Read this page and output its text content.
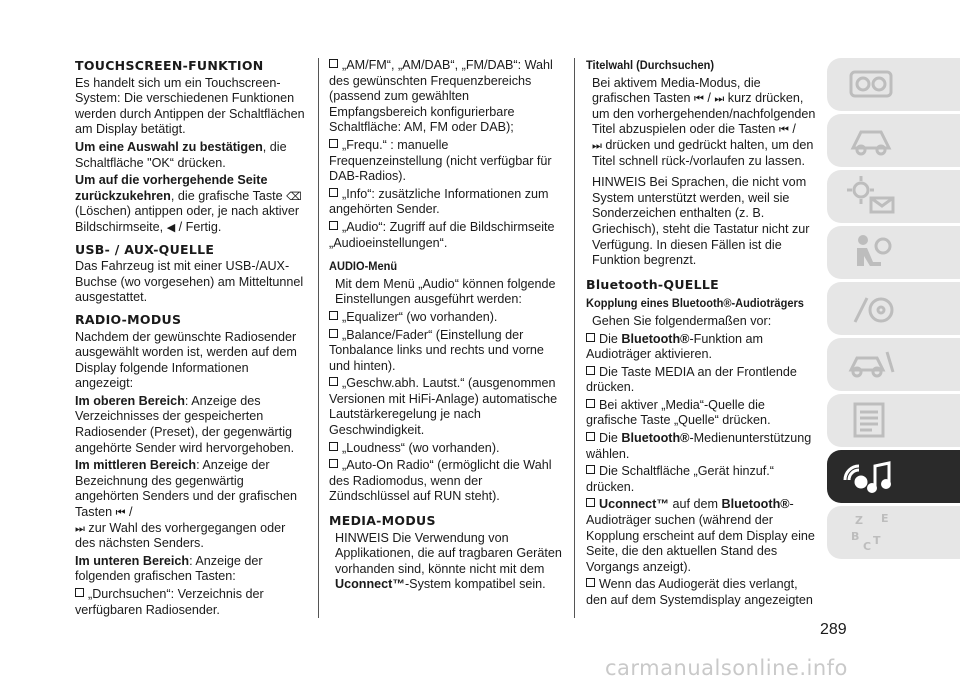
TOUCHSCREEN-FUNKTION

Es handelt sich um ein Touchscreen-System: Die verschiedenen Funktionen werden durch Antippen der Schaltflächen am Display betätigt.

Um eine Auswahl zu bestätigen, die Schaltfläche "OK“ drücken.

Um auf die vorhergehende Seite zurückzukehren, die grafische Taste ⌫
(Löschen) antippen oder, je nach aktiver Bildschirmseite, ◀ / Fertig.

USB- / AUX-QUELLE

Das Fahrzeug ist mit einer USB-/AUX-Buchse (wo vorgesehen) am Mitteltunnel ausgestattet.

RADIO-MODUS

Nachdem der gewünschte Radiosender ausgewählt worden ist, werden auf dem Display folgende Informationen angezeigt:

Im oberen Bereich: Anzeige des Verzeichnisses der gespeicherten Radiosender (Preset), der gegenwärtig angehörte Sender wird hervorgehoben.

Im mittleren Bereich: Anzeige der Bezeichnung des gegenwärtig angehörten Senders und der grafischen Tasten ⏮ /
⏭ zur Wahl des vorhergegangen oder des nächsten Senders.

Im unteren Bereich: Anzeige der folgenden grafischen Tasten:

„Durchsuchen“: Verzeichnis der verfügbaren Radiosender.

„AM/FM“, „AM/DAB“, „FM/DAB“: Wahl des gewünschten Frequenzbereichs (passend zum gewählten Empfangsbereich konfigurierbare Schaltfläche: AM, FM oder DAB);

„Frequ.“ : manuelle Frequenzeinstellung (nicht verfügbar für DAB-Radios).

„Info“: zusätzliche Informationen zum angehörten Sender.

„Audio“: Zugriff auf die Bildschirmseite „Audioeinstellungen“.

AUDIO-Menü

Mit dem Menü „Audio“ können folgende Einstellungen ausgeführt werden:

„Equalizer“ (wo vorhanden).

„Balance/Fader“ (Einstellung der Tonbalance links und rechts und vorne und hinten).

„Geschw.abh. Lautst.“ (ausgenommen Versionen mit HiFi-Anlage) automatische Lautstärkeregelung je nach Geschwindigkeit.

„Loudness“ (wo vorhanden).

„Auto-On Radio“ (ermöglicht die Wahl des Radiomodus, wenn der Zündschlüssel auf RUN steht).

MEDIA-MODUS

HINWEIS Die Verwendung von Applikationen, die auf tragbaren Geräten vorhanden sind, könnte nicht mit dem Uconnect™-System kompatibel sein.

Titelwahl (Durchsuchen)

Bei aktivem Media-Modus, die grafischen Tasten ⏮ / ⏭ kurz drücken, um den vorhergehenden/nachfolgenden Titel abzuspielen oder die Tasten ⏮ /
⏭ drücken und gedrückt halten, um den Titel schnell rück-/vorlaufen zu lassen.

HINWEIS Bei Sprachen, die nicht vom System unterstützt werden, weil sie Sonderzeichen enthalten (z. B. Griechisch), steht die Tastatur nicht zur Verfügung. In diesen Fällen ist die Funktion begrenzt.

Bluetooth-QUELLE
Kopplung eines Bluetooth®-Audioträgers

Gehen Sie folgendermaßen vor:

Die Bluetooth®-Funktion am Audioträger aktivieren.

Die Taste MEDIA an der Frontlende drücken.

Bei aktiver „Media“-Quelle die grafische Taste „Quelle“ drücken.

Die Bluetooth®-Medienunterstützung wählen.

Die Schaltfläche „Gerät hinzuf.“ drücken.

Uconnect™ auf dem Bluetooth®-Audioträger suchen (während der Kopplung erscheint auf dem Display eine Seite, die den aktuellen Stand des Vorgangs anzeigt).

Wenn das Audiogerät dies verlangt, den auf dem Systemdisplay angezeigten

Z E
B
C T
289
carmanualsonline.info
